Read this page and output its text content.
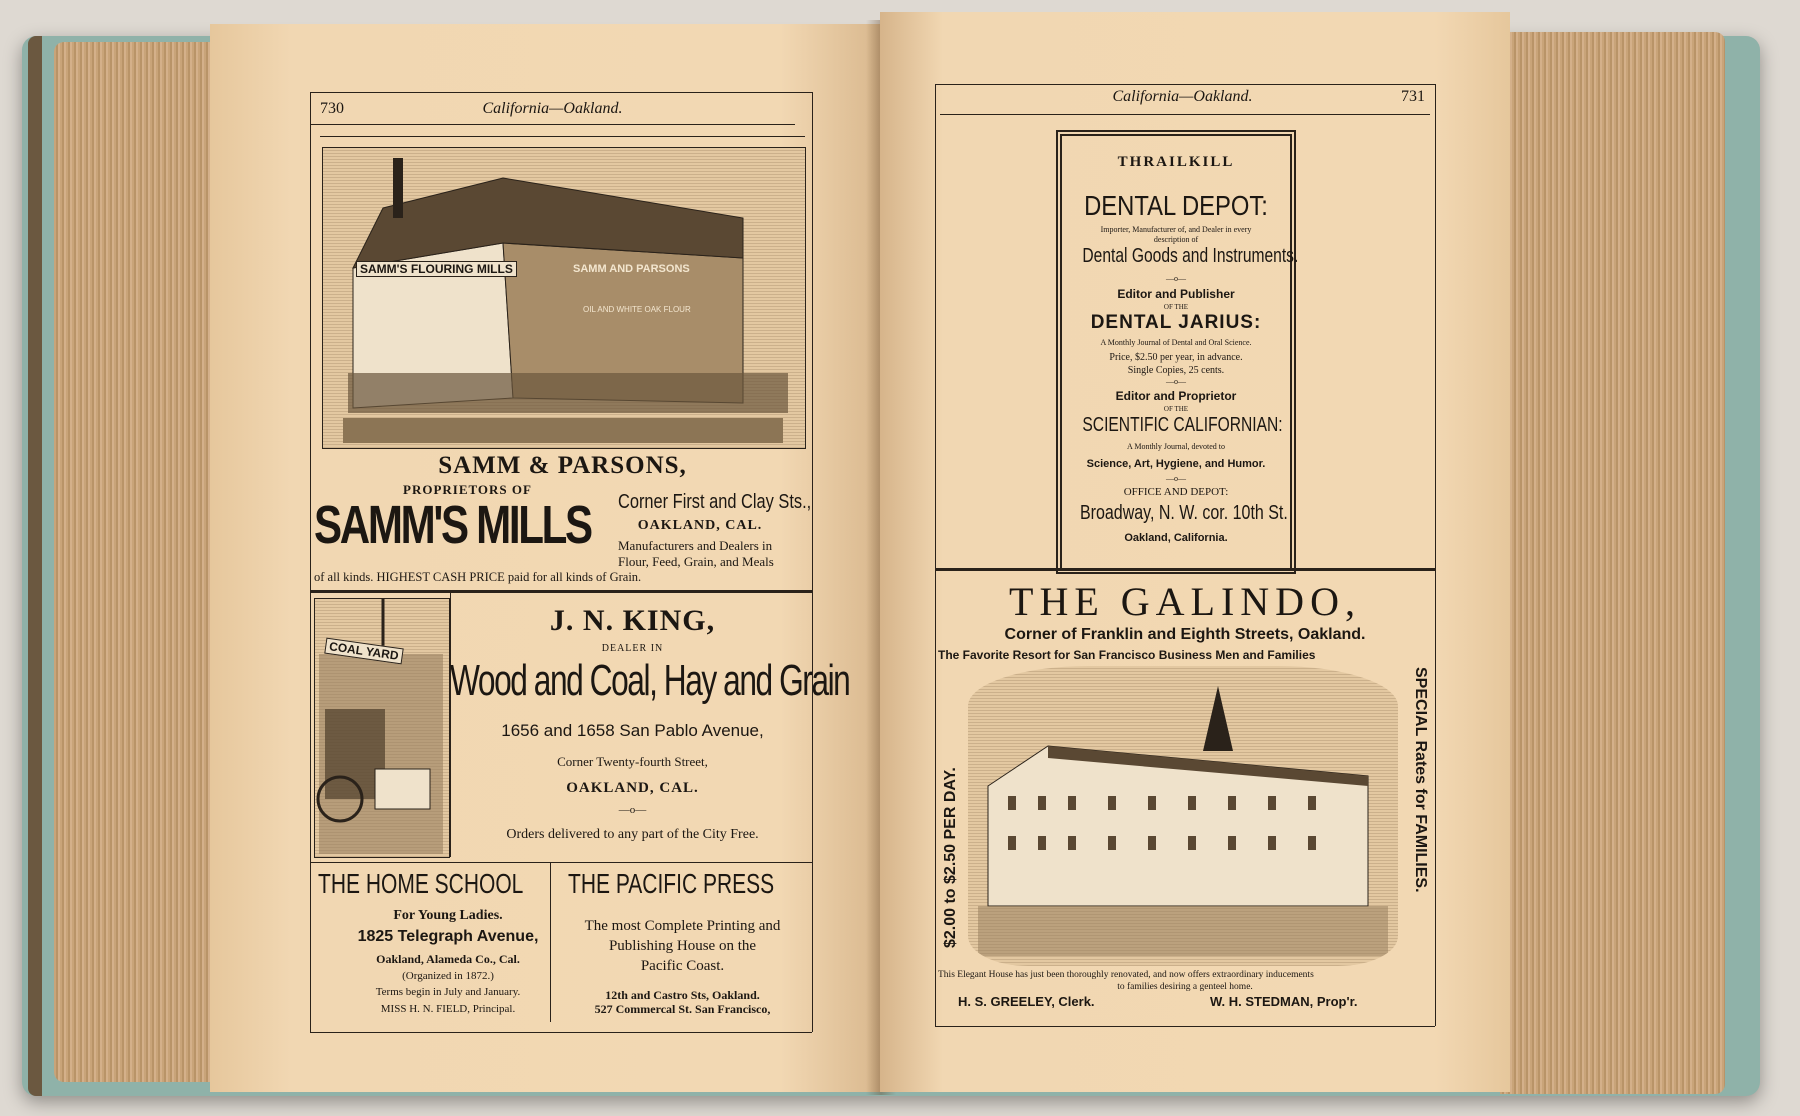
730	California—Oakland.
SAMM'S FLOURING MILLS	SAMM AND PARSONS
OIL AND WHITE OAK FLOUR
SAMM & PARSONS,
PROPRIETORS OF
SAMM'S MILLS Corner First and Clay Sts.,
OAKLAND, CAL.
Manufacturers and Dealers in
Flour, Feed, Grain, and Meals
of all kinds. HIGHEST CASH PRICE paid for all kinds of Grain.
COAL YARD
J. N. KING,
DEALER IN
Wood and Coal, Hay and Grain
1656 and 1658 San Pablo Avenue,
Corner Twenty-fourth Street,
OAKLAND, CAL.
—o—
Orders delivered to any part of the City Free.
THE HOME SCHOOL
For Young Ladies.
1825 Telegraph Avenue,
Oakland, Alameda Co., Cal.
(Organized in 1872.)
Terms begin in July and January.
MISS H. N. FIELD, Principal.
THE PACIFIC PRESS
The most Complete Printing and
Publishing House on the
Pacific Coast.
12th and Castro Sts, Oakland.
527 Commercal St. San Francisco,
California—Oakland.	731
THRAILKILL
DENTAL DEPOT:
Importer, Manufacturer of, and Dealer in every
description of
Dental Goods and Instruments.
—o—
Editor and Publisher
OF THE
DENTAL JARIUS:
A Monthly Journal of Dental and Oral Science.
Price, $2.50 per year, in advance.
Single Copies, 25 cents.
—o—
Editor and Proprietor
OF THE
SCIENTIFIC CALIFORNIAN:
A Monthly Journal, devoted to
Science, Art, Hygiene, and Humor.
—o—
OFFICE AND DEPOT:
Broadway, N. W. cor. 10th St.
Oakland, California.
THE GALINDO,
Corner of Franklin and Eighth Streets, Oakland.
The Favorite Resort for San Francisco Business Men and Families
$2.00 to $2.50 PER DAY.	SPECIAL Rates for FAMILIES.
This Elegant House has just been thoroughly renovated, and now offers extraordinary inducements
to families desiring a genteel home.
H. S. GREELEY, Clerk.	W. H. STEDMAN, Prop'r.
